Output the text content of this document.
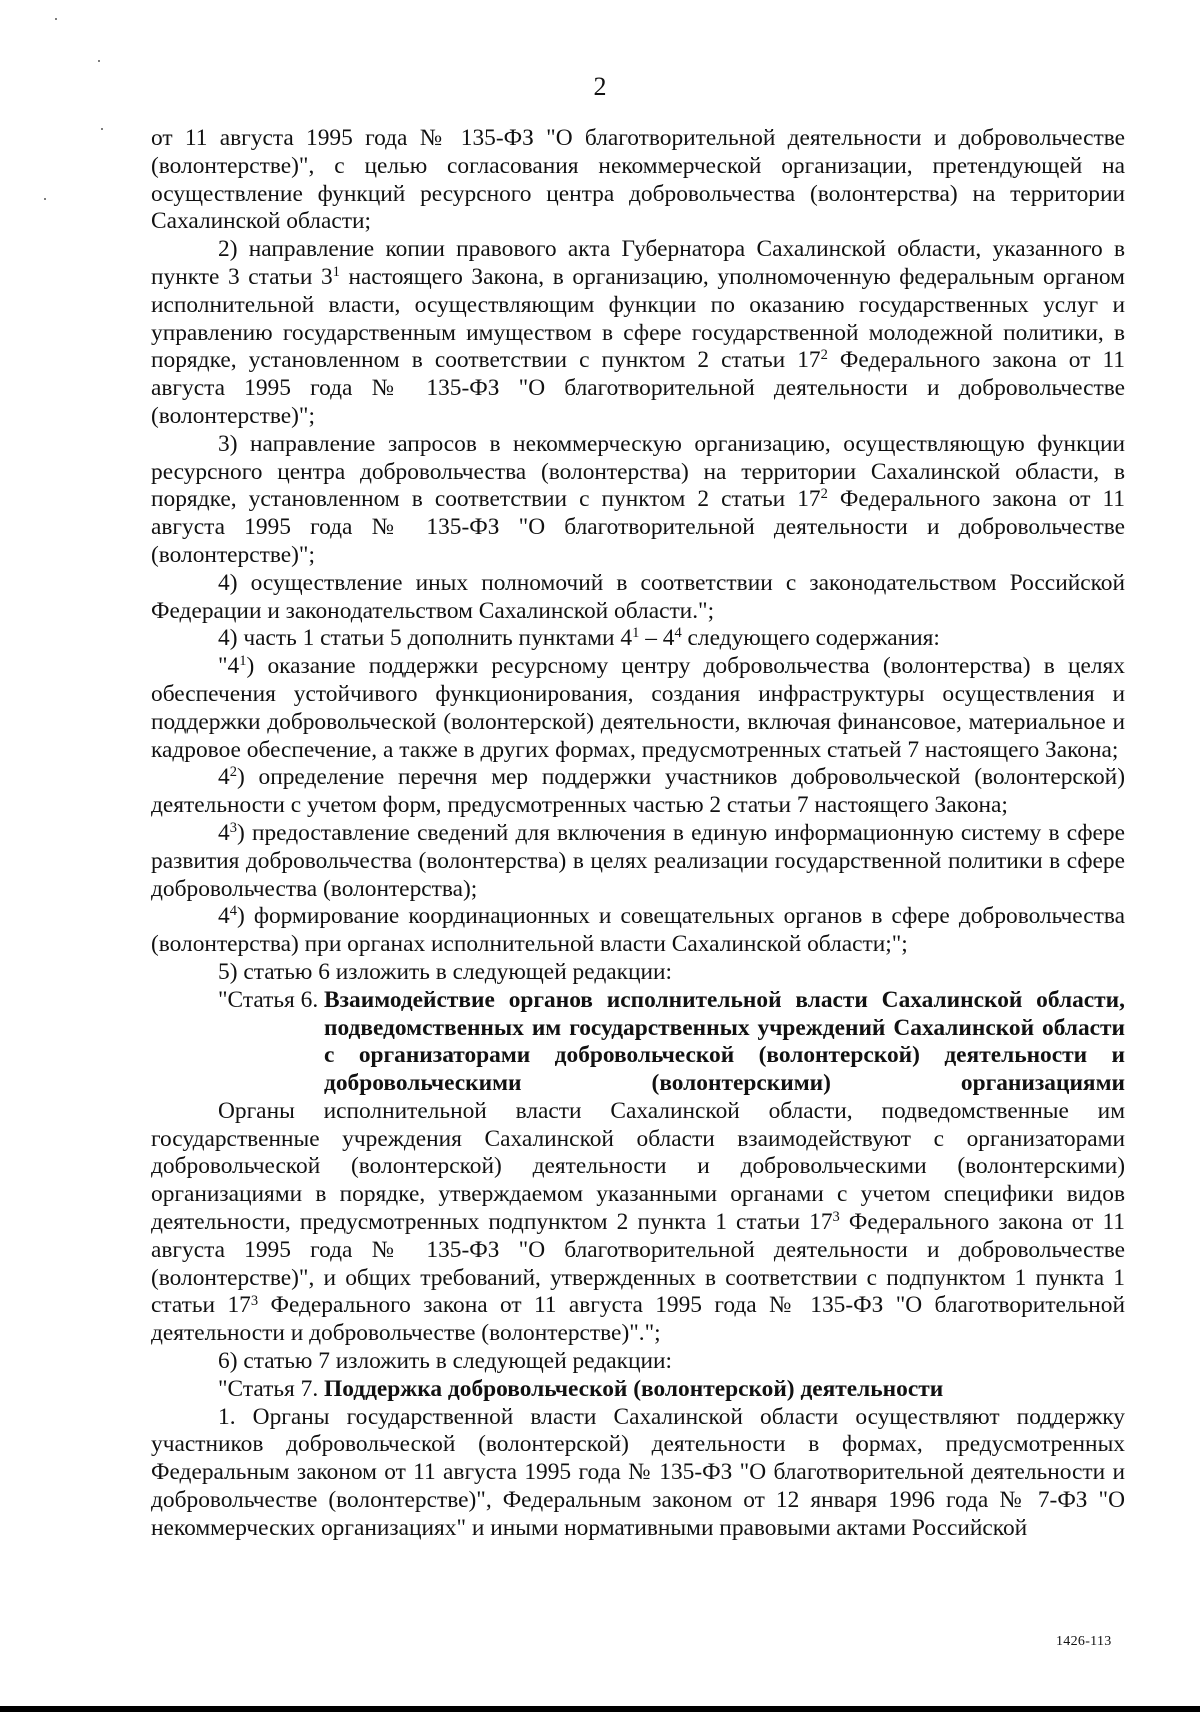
2

от 11 августа 1995 года № 135-ФЗ "О благотворительной деятельности и добровольчестве (волонтерстве)", с целью согласования некоммерческой организации, претендующей на осуществление функций ресурсного центра добровольчества (волонтерства) на территории Сахалинской области;

2) направление копии правового акта Губернатора Сахалинской области, указанного в пункте 3 статьи $3^1$ настоящего Закона, в организацию, уполномоченную федеральным органом исполнительной власти, осуществляющим функции по оказанию государственных услуг и управлению государственным имуществом в сфере государственной молодежной политики, в порядке, установленном в соответствии с пунктом 2 статьи $17^2$ Федерального закона от 11 августа 1995 года № 135-ФЗ "О благотворительной деятельности и добровольчестве (волонтерстве)";

3) направление запросов в некоммерческую организацию, осуществляющую функции ресурсного центра добровольчества (волонтерства) на территории Сахалинской области, в порядке, установленном в соответствии с пунктом 2 статьи $17^2$ Федерального закона от 11 августа 1995 года № 135-ФЗ "О благотворительной деятельности и добровольчестве (волонтерстве)";

4) осуществление иных полномочий в соответствии с законодательством Российской Федерации и законодательством Сахалинской области.";

4) часть 1 статьи 5 дополнить пунктами $4^1 - 4^4$ следующего содержания:

"$4^1$) оказание поддержки ресурсному центру добровольчества (волонтерства) в целях обеспечения устойчивого функционирования, создания инфраструктуры осуществления и поддержки добровольческой (волонтерской) деятельности, включая финансовое, материальное и кадровое обеспечение, а также в других формах, предусмотренных статьей 7 настоящего Закона;

$4^2$) определение перечня мер поддержки участников добровольческой (волонтерской) деятельности с учетом форм, предусмотренных частью 2 статьи 7 настоящего Закона;

$4^3$) предоставление сведений для включения в единую информационную систему в сфере развития добровольчества (волонтерства) в целях реализации государственной политики в сфере добровольчества (волонтерства);

$4^4$) формирование координационных и совещательных органов в сфере добровольчества (волонтерства) при органах исполнительной власти Сахалинской области;";

5) статью 6 изложить в следующей редакции:

"Статья 6. Взаимодействие органов исполнительной власти Сахалинской области, подведомственных им государственных учреждений Сахалинской области с организаторами добровольческой (волонтерской) деятельности и добровольческими (волонтерскими) организациями

Органы исполнительной власти Сахалинской области, подведомственные им государственные учреждения Сахалинской области взаимодействуют с организаторами добровольческой (волонтерской) деятельности и добровольческими (волонтерскими) организациями в порядке, утверждаемом указанными органами с учетом специфики видов деятельности, предусмотренных подпунктом 2 пункта 1 статьи $17^3$ Федерального закона от 11 августа 1995 года № 135-ФЗ "О благотворительной деятельности и добровольчестве (волонтерстве)", и общих требований, утвержденных в соответствии с подпунктом 1 пункта 1 статьи $17^3$ Федерального закона от 11 августа 1995 года № 135-ФЗ "О благотворительной деятельности и добровольчестве (волонтерстве)".";

6) статью 7 изложить в следующей редакции:

"Статья 7. Поддержка добровольческой (волонтерской) деятельности

1. Органы государственной власти Сахалинской области осуществляют поддержку участников добровольческой (волонтерской) деятельности в формах, предусмотренных Федеральным законом от 11 августа 1995 года № 135-ФЗ "О благотворительной деятельности и добровольчестве (волонтерстве)", Федеральным законом от 12 января 1996 года № 7-ФЗ "О некоммерческих организациях" и иными нормативными правовыми актами Российской

1426-113
